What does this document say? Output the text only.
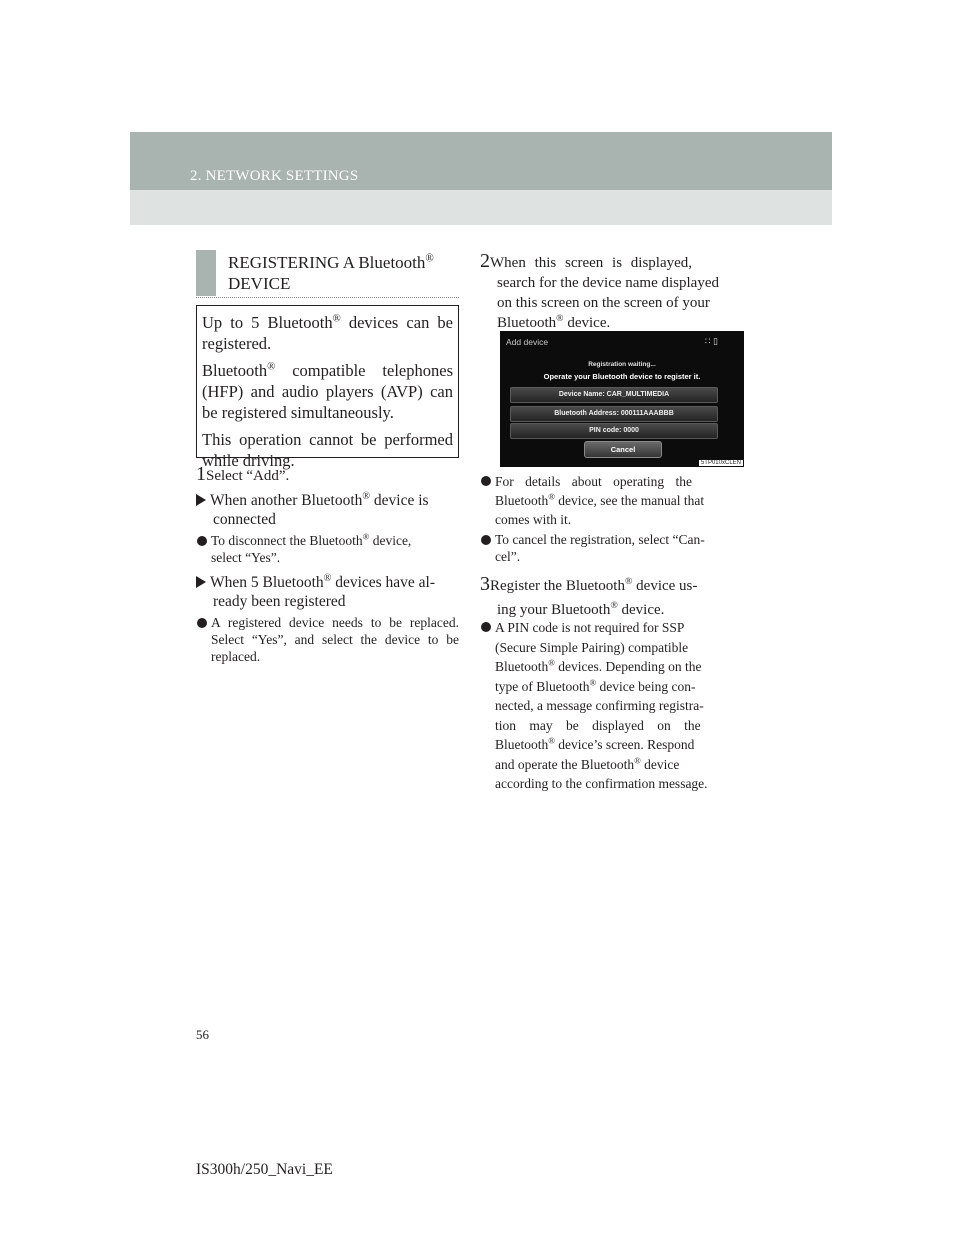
2. NETWORK SETTINGS
REGISTERING A Bluetooth®
DEVICE

Up to 5 Bluetooth® devices can be registered.

Bluetooth® compatible telephones (HFP) and audio players (AVP) can be registered simultaneously.

This operation cannot be performed while driving.

1Select “Add”.
When another Bluetooth® device is
connected
To disconnect the Bluetooth® device,
select “Yes”.
When 5 Bluetooth® devices have al-
ready been registered
A registered device needs to be replaced. Select “Yes”, and select the device to be replaced.
2When this screen is displayed,
search for the device name displayed
on this screen on the screen of your
Bluetooth® device.
Add device	∷ ▯
Registration waiting...
Operate your Bluetooth device to register it.
Device Name: CAR_MULTIMEDIA
Bluetooth Address: 000111AAABBB
PIN code: 0000
Cancel
5TP010xCLEN
For details about operating the
Bluetooth® device, see the manual that
comes with it.
To cancel the registration, select “Can-
cel”.
3Register the Bluetooth® device us-
ing your Bluetooth® device.
A PIN code is not required for SSP
(Secure Simple Pairing) compatible
Bluetooth® devices. Depending on the
type of Bluetooth® device being con-
nected, a message confirming registra-
tion may be displayed on the
Bluetooth® device’s screen. Respond
and operate the Bluetooth® device
according to the confirmation message.
56
IS300h/250_Navi_EE
